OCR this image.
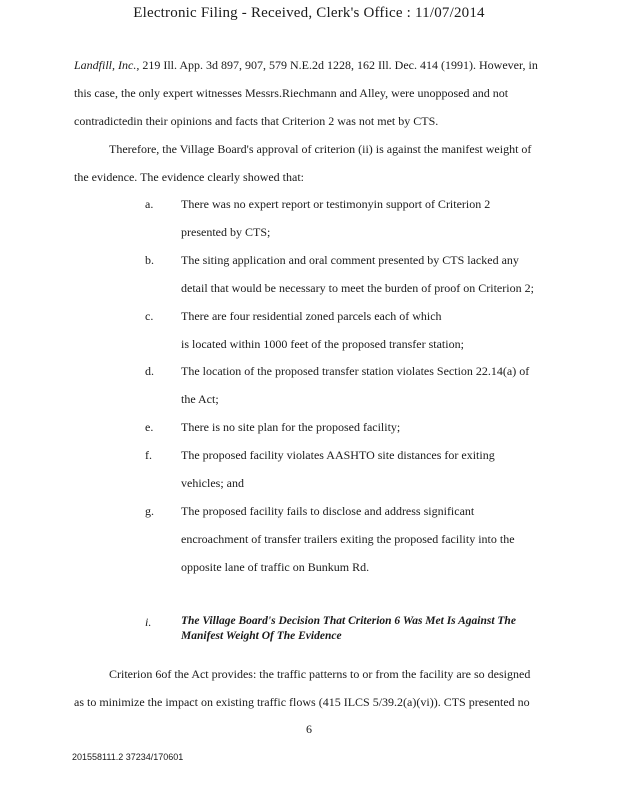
Electronic Filing - Received, Clerk's Office : 11/07/2014
Landfill, Inc., 219 Ill. App. 3d 897, 907, 579 N.E.2d 1228, 162 Ill. Dec. 414 (1991). However, in
this case, the only expert witnesses Messrs.Riechmann and Alley, were unopposed and not
contradictedin their opinions and facts that Criterion 2 was not met by CTS.
Therefore, the Village Board's approval of criterion (ii) is against the manifest weight of
the evidence. The evidence clearly showed that:
a. There was no expert report or testimonyin support of Criterion 2
presented by CTS;
b. The siting application and oral comment presented by CTS lacked any
detail that would be necessary to meet the burden of proof on Criterion 2;
c. There are four residential zoned parcels each of which
is located within 1000 feet of the proposed transfer station;
d. The location of the proposed transfer station violates Section 22.14(a) of
the Act;
e. There is no site plan for the proposed facility;
f. The proposed facility violates AASHTO site distances for exiting
vehicles; and
g. The proposed facility fails to disclose and address significant
encroachment of transfer trailers exiting the proposed facility into the
opposite lane of traffic on Bunkum Rd.
i.	The Village Board's Decision That Criterion 6 Was Met Is Against The
Manifest Weight Of The Evidence
Criterion 6of the Act provides: the traffic patterns to or from the facility are so designed
as to minimize the impact on existing traffic flows (415 ILCS 5/39.2(a)(vi)). CTS presented no
6
201558111.2 37234/170601
